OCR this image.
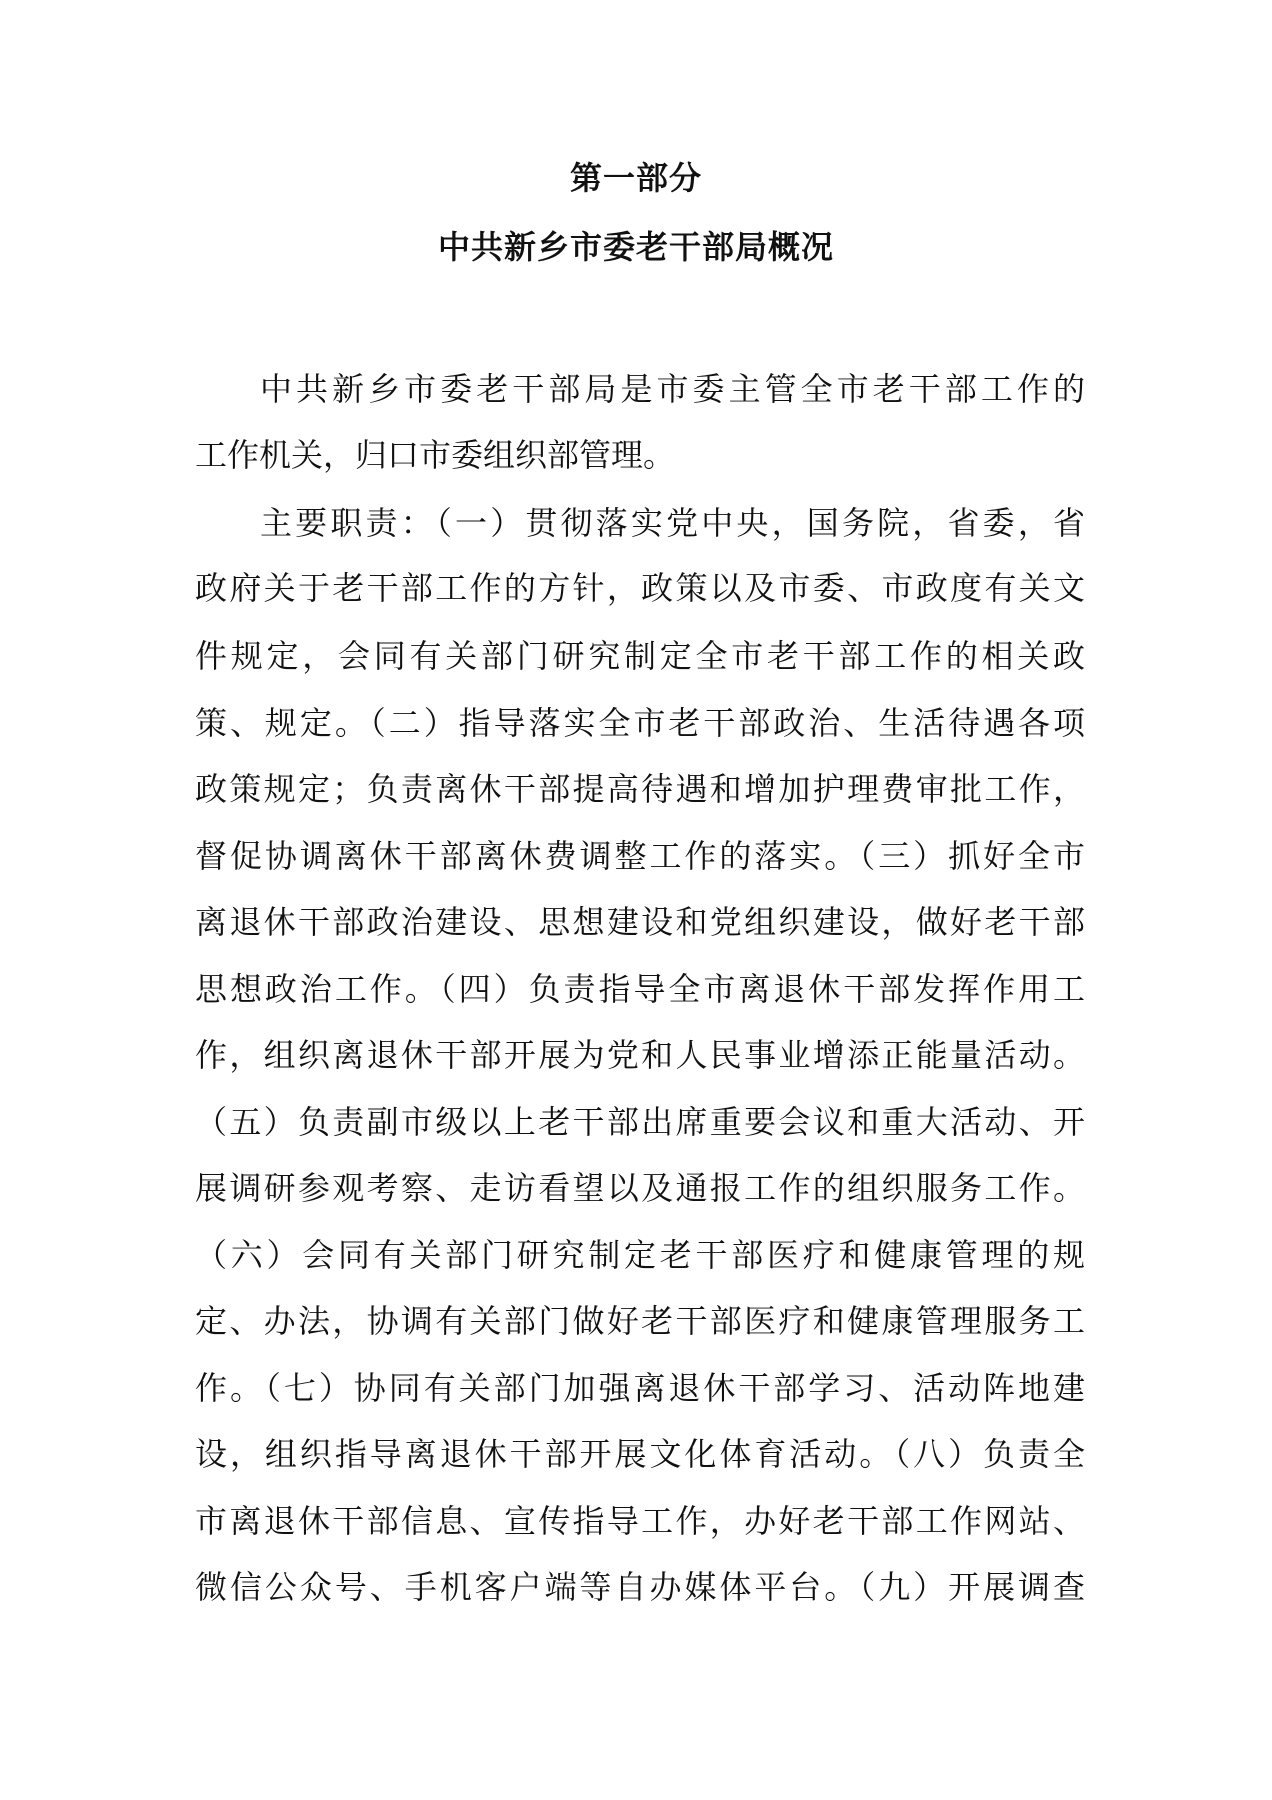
第一部分
中共新乡市委老干部局概况

中共新乡市委老干部局是市委主管全市老干部工作的

工作机关，归口市委组织部管理。

主要职责：（一）贯彻落实党中央，国务院，省委，省

政府关于老干部工作的方针，政策以及市委、市政度有关文

件规定，会同有关部门研究制定全市老干部工作的相关政

策、规定。（二）指导落实全市老干部政治、生活待遇各项

政策规定；负责离休干部提高待遇和增加护理费审批工作，

督促协调离休干部离休费调整工作的落实。（三）抓好全市

离退休干部政治建设、思想建设和党组织建设，做好老干部

思想政治工作。（四）负责指导全市离退休干部发挥作用工

作，组织离退休干部开展为党和人民事业增添正能量活动。

（五）负责副市级以上老干部出席重要会议和重大活动、开

展调研参观考察、走访看望以及通报工作的组织服务工作。

（六）会同有关部门研究制定老干部医疗和健康管理的规

定、办法，协调有关部门做好老干部医疗和健康管理服务工

作。（七）协同有关部门加强离退休干部学习、活动阵地建

设，组织指导离退休干部开展文化体育活动。（八）负责全

市离退休干部信息、宣传指导工作，办好老干部工作网站、

微信公众号、手机客户端等自办媒体平台。（九）开展调查
